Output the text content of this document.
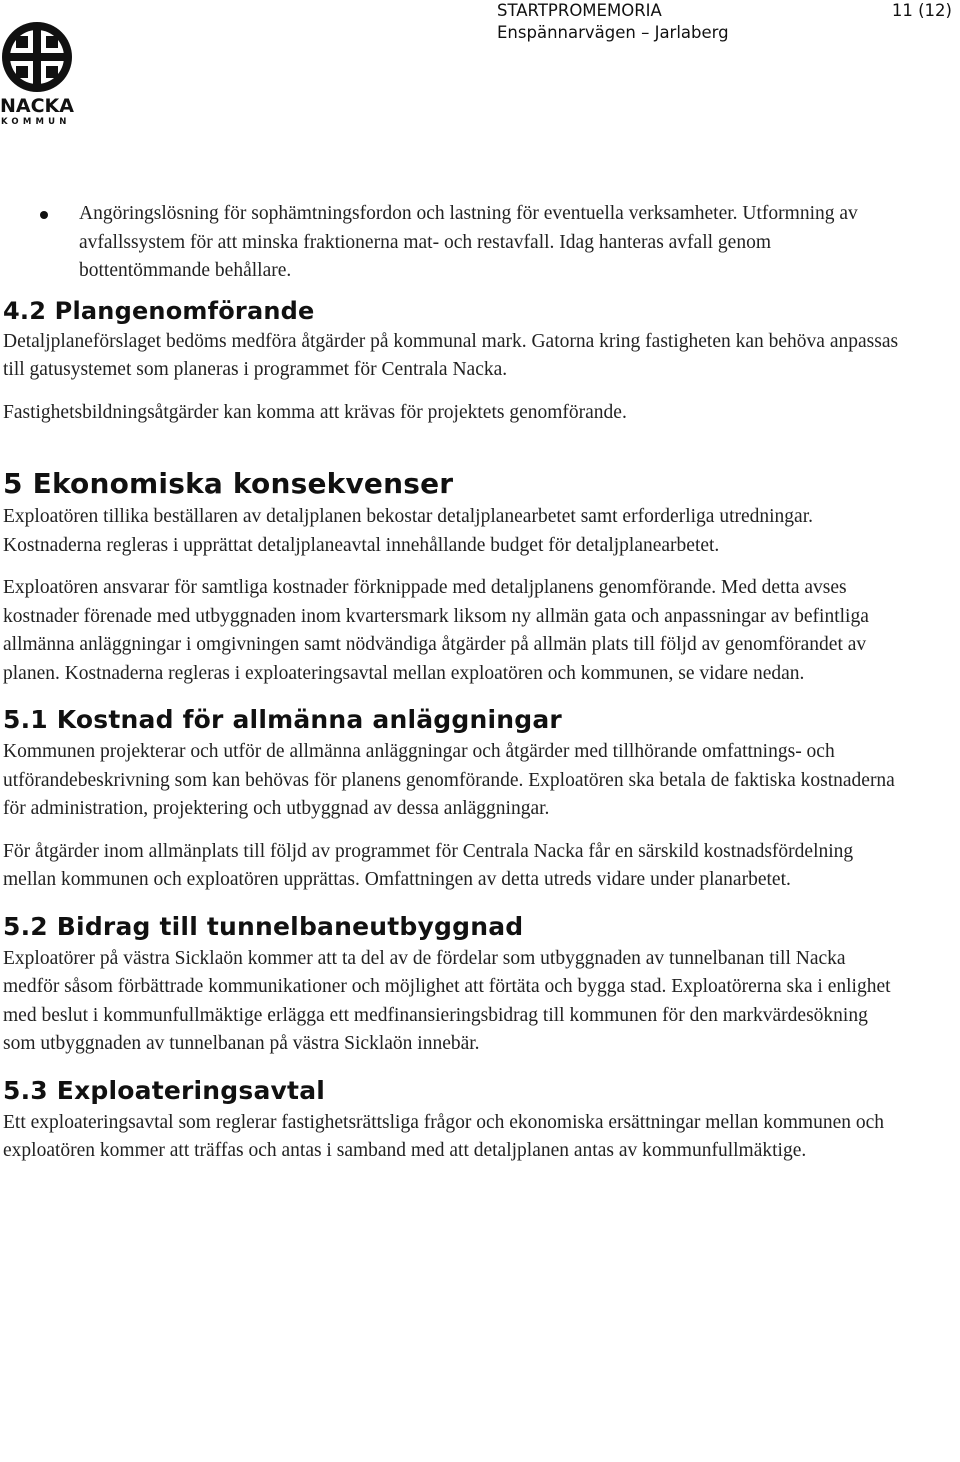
NACKA
KOMMUN
STARTPROMEMORIA	11 (12)
Enspännarvägen – Jarlaberg
Angöringslösning för sophämtningsfordon och lastning för eventuella verksamheter. Utformning av avfallssystem för att minska fraktionerna mat- och restavfall. Idag hanteras avfall genom bottentömmande behållare.
4.2 Plangenomförande

Detaljplaneförslaget bedöms medföra åtgärder på kommunal mark. Gatorna kring fastigheten kan behöva anpassas till gatusystemet som planeras i programmet för Centrala Nacka.

Fastighetsbildningsåtgärder kan komma att krävas för projektets genomförande.

5 Ekonomiska konsekvenser

Exploatören tillika beställaren av detaljplanen bekostar detaljplanearbetet samt erforderliga utredningar. Kostnaderna regleras i upprättat detaljplaneavtal innehållande budget för detaljplanearbetet.

Exploatören ansvarar för samtliga kostnader förknippade med detaljplanens genomförande. Med detta avses kostnader förenade med utbyggnaden inom kvartersmark liksom ny allmän gata och anpassningar av befintliga allmänna anläggningar i omgivningen samt nödvändiga åtgärder på allmän plats till följd av genomförandet av planen. Kostnaderna regleras i exploateringsavtal mellan exploatören och kommunen, se vidare nedan.

5.1 Kostnad för allmänna anläggningar

Kommunen projekterar och utför de allmänna anläggningar och åtgärder med tillhörande omfattnings- och utförandebeskrivning som kan behövas för planens genomförande. Exploatören ska betala de faktiska kostnaderna för administration, projektering och utbyggnad av dessa anläggningar.

För åtgärder inom allmänplats till följd av programmet för Centrala Nacka får en särskild kostnadsfördelning mellan kommunen och exploatören upprättas. Omfattningen av detta utreds vidare under planarbetet.

5.2 Bidrag till tunnelbaneutbyggnad

Exploatörer på västra Sicklaön kommer att ta del av de fördelar som utbyggnaden av tunnelbanan till Nacka medför såsom förbättrade kommunikationer och möjlighet att förtäta och bygga stad. Exploatörerna ska i enlighet med beslut i kommunfullmäktige erlägga ett medfinansieringsbidrag till kommunen för den markvärdesökning som utbyggnaden av tunnelbanan på västra Sicklaön innebär.

5.3 Exploateringsavtal

Ett exploateringsavtal som reglerar fastighetsrättsliga frågor och ekonomiska ersättningar mellan kommunen och exploatören kommer att träffas och antas i samband med att detaljplanen antas av kommunfullmäktige.
